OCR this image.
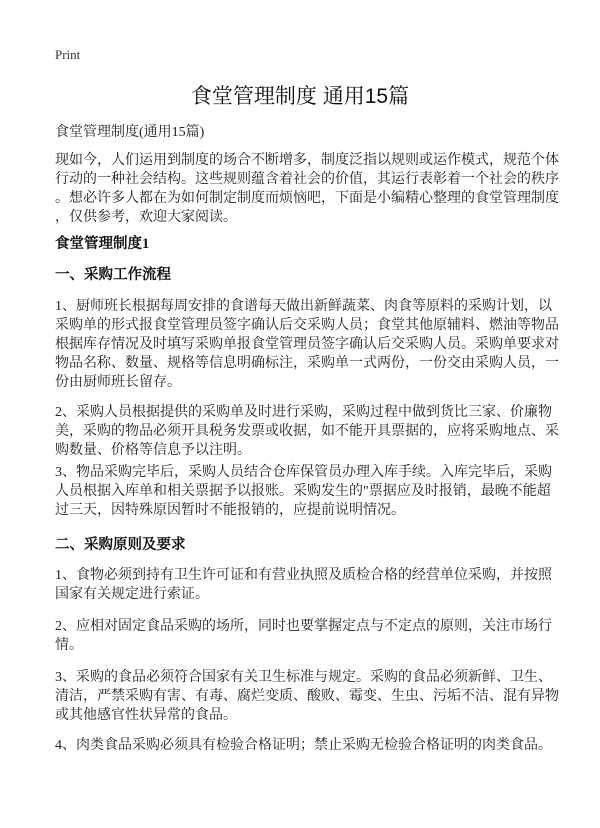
Print
食堂管理制度 通用15篇
食堂管理制度(通用15篇)
现如今，人们运用到制度的场合不断增多，制度泛指以规则或运作模式，规范个体
行动的一种社会结构。这些规则蕴含着社会的价值，其运行表彰着一个社会的秩序
。想必许多人都在为如何制定制度而烦恼吧，下面是小编精心整理的食堂管理制度
，仅供参考，欢迎大家阅读。
食堂管理制度1
一、采购工作流程
1、厨师班长根据每周安排的食谱每天做出新鲜蔬菜、肉食等原料的采购计划，以
采购单的形式报食堂管理员签字确认后交采购人员；食堂其他原辅料、燃油等物品
根据库存情况及时填写采购单报食堂管理员签字确认后交采购人员。采购单要求对
物品名称、数量、规格等信息明确标注，采购单一式两份，一份交由采购人员，一
份由厨师班长留存。
2、采购人员根据提供的采购单及时进行采购，采购过程中做到货比三家、价廉物
美，采购的物品必须开具税务发票或收据，如不能开具票据的，应将采购地点、采
购数量、价格等信息予以注明。
3、物品采购完毕后，采购人员结合仓库保管员办理入库手续。入库完毕后，采购
人员根据入库单和相关票据予以报账。采购发生的"票据应及时报销，最晚不能超
过三天，因特殊原因暂时不能报销的，应提前说明情况。
二、采购原则及要求
1、食物必须到持有卫生许可证和有营业执照及质检合格的经营单位采购，并按照
国家有关规定进行索证。
2、应相对固定食品采购的场所，同时也要掌握定点与不定点的原则，关注市场行
情。
3、采购的食品必须符合国家有关卫生标准与规定。采购的食品必须新鲜、卫生、
清洁，严禁采购有害、有毒、腐烂变质、酸败、霉变、生虫、污垢不洁、混有异物
或其他感官性状异常的食品。
4、肉类食品采购必须具有检验合格证明；禁止采购无检验合格证明的肉类食品。
